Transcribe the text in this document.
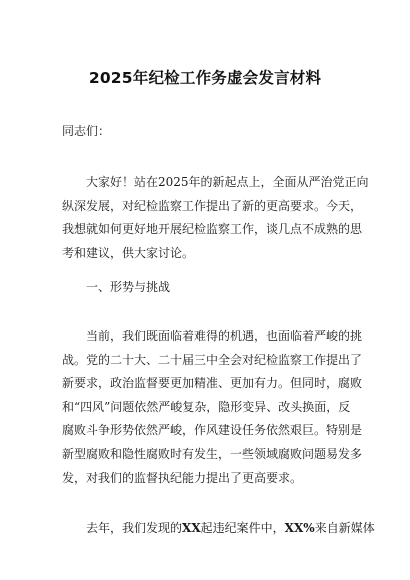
2025年纪检工作务虚会发言材料
同志们：
大家好！站在2025年的新起点上，全面从严治党正向
纵深发展，对纪检监察工作提出了新的更高要求。今天，
我想就如何更好地开展纪检监察工作，谈几点不成熟的思
考和建议，供大家讨论。
一、形势与挑战
当前，我们既面临着难得的机遇，也面临着严峻的挑
战。党的二十大、二十届三中全会对纪检监察工作提出了
新要求，政治监督要更加精准、更加有力。但同时，腐败
和“四风”问题依然严峻复杂，隐形变异、改头换面，反
腐败斗争形势依然严峻，作风建设任务依然艰巨。特别是
新型腐败和隐性腐败时有发生，一些领域腐败问题易发多
发，对我们的监督执纪能力提出了更高要求。
去年，我们发现的XX起违纪案件中，XX%来自新媒体
